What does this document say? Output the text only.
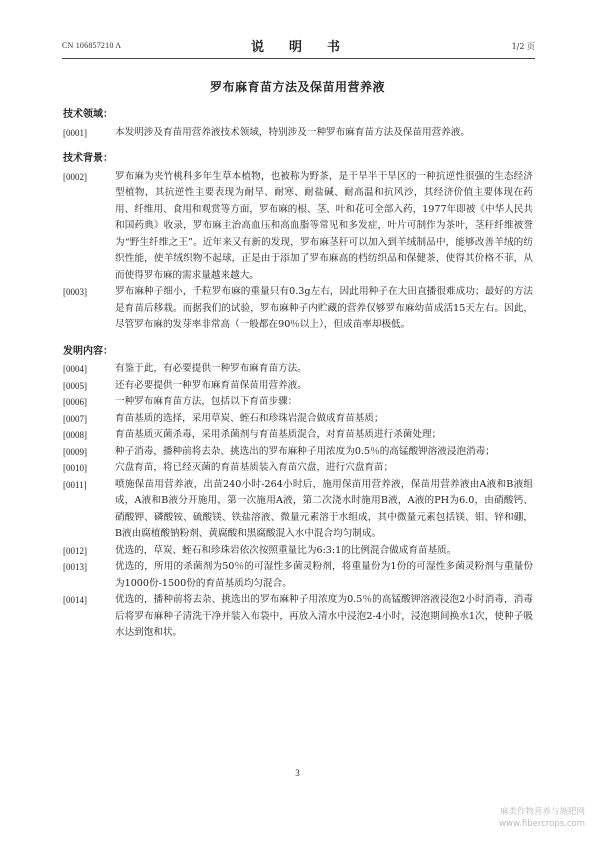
CN 106857210 A	说　明　书	1/2 页
罗布麻育苗方法及保苗用营养液
技术领域：
[0001]	本发明涉及育苗用营养液技术领域，特别涉及一种罗布麻育苗方法及保苗用营养液。
技术背景：
[0002]	罗布麻为夹竹桃科多年生草本植物，也被称为野茶，是干旱半干旱区的一种抗逆性很强的生态经济型植物，其抗逆性主要表现为耐旱、耐寒、耐盐碱、耐高温和抗风沙，其经济价值主要体现在药用、纤维用、食用和观赏等方面，罗布麻的根、茎、叶和花可全部入药，1977年即被《中华人民共和国药典》收录，罗布麻主治高血压和高血脂等常见和多发症，叶片可制作为茶叶，茎秆纤维被誉为“野生纤维之王”。近年来又有新的发现，罗布麻茎秆可以加入到羊绒制品中，能够改善羊绒的纺织性能，使羊绒织物不起球，正是由于添加了罗布麻高的档纺织品和保健茶，使得其价格不菲，从而使得罗布麻的需求量越来越大。
[0003]	罗布麻种子细小，千粒罗布麻的重量只有0.3g左右，因此用种子在大田直播很难成功；最好的方法是育苗后移栽。而据我们的试验，罗布麻种子内贮藏的营养仅够罗布麻幼苗成活15天左右。因此，尽管罗布麻的发芽率非常高（一般都在90％以上），但成苗率却极低。
发明内容：
[0004]	有鉴于此，有必要提供一种罗布麻育苗方法。
[0005]	还有必要提供一种罗布麻育苗保苗用营养液。
[0006]	一种罗布麻育苗方法，包括以下育苗步骤：
[0007]	育苗基质的选择，采用草炭、蛭石和珍珠岩混合做成育苗基质；
[0008]	育苗基质灭菌杀毒，采用杀菌剂与育苗基质混合，对育苗基质进行杀菌处理；
[0009]	种子消毒，播种前将去杂、挑选出的罗布麻种子用浓度为0.5％的高锰酸钾溶液浸泡消毒；
[0010]	穴盘育苗，将已经灭菌的育苗基质装入育苗穴盘，进行穴盘育苗；
[0011]	喷施保苗用营养液，出苗240小时-264小时后，施用保苗用营养液，保苗用营养液由A液和B液组成，A液和B液分开施用，第一次施用A液，第二次浇水时施用B液，A液的PH为6.0，由硝酸钙、硝酸钾、磷酸铵、硫酸镁、铁盐溶液、微量元素溶于水组成，其中微量元素包括镁、钼、锌和硼，B液由腐植酸钠粉剂、黄腐酸和黑腐酸混入水中混合均匀制成。
[0012]	优选的，草炭、蛭石和珍珠岩依次按照重量比为6:3:1的比例混合做成育苗基质。
[0013]	优选的，所用的杀菌剂为50％的可湿性多菌灵粉剂，将重量份为1份的可湿性多菌灵粉剂与重量份为1000份-1500份的育苗基质均匀混合。
[0014]	优选的，播种前将去杂、挑选出的罗布麻种子用浓度为0.5％的高锰酸钾溶液浸泡2小时消毒，消毒后将罗布麻种子清洗干净并装入布袋中，再放入清水中浸泡2-4小时，浸泡期间换水1次，使种子吸水达到饱和状。
3
麻类作物营养与施肥网
www.fibercrops.com
